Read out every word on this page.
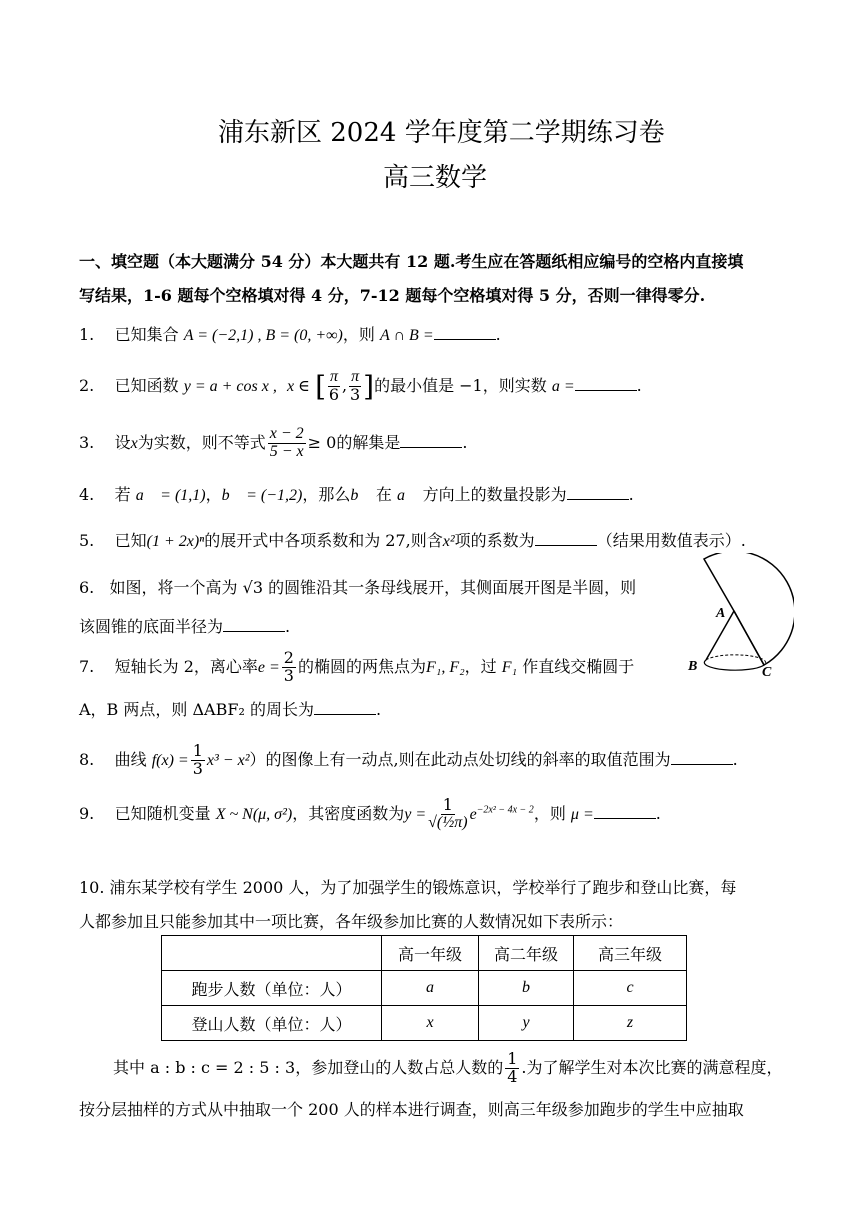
浦东新区 2024 学年度第二学期练习卷
高三数学
一、填空题（本大题满分 54 分）本大题共有 12 题.考生应在答题纸相应编号的空格内直接填
写结果，1-6 题每个空格填对得 4 分，7-12 题每个空格填对得 5 分，否则一律得零分.
1. 已知集合 A = (−2,1) , B = (0, +∞)，则 A ∩ B =	.
2. 已知函数 y = a + cos x , x ∈ [ $\frac{\pi}{6}$ , $\frac{\pi}{3}$ ]的最小值是 −1，则实数 a =	.
3. 设x为实数，则不等式 $\frac{x - 2}{5 - x} \ge 0$的解集是	.
4. 若 a⃗ = (1,1)，b⃗ = (−1,2)，那么b⃗ 在 a⃗ 方向上的数量投影为	.
5. 已知(1 + 2x)ⁿ的展开式中各项系数和为 27,则含x²项的系数为	（结果用数值表示）.
6. 如图，将一个高为 √3 的圆锥沿其一条母线展开，其侧面展开图是半圆，则
该圆锥的底面半径为	.
A
B	C
7. 短轴长为 2，离心率$e = \frac{2}{3}$ 的椭圆的两焦点为F₁, F₂，过 F₁ 作直线交椭圆于
A，B 两点，则 ΔABF₂ 的周长为	.
8. 曲线 $f(x) = \frac{1}{3} x^3 - x^2$）的图像上有一动点,则在此动点处切线的斜率的取值范围为	.
9. 已知随机变量 X ~ N(μ, σ²)，其密度函数为$y = \frac{1}{\text{√(½π)}} e^{-2x^2 - 4x - 2}$，则 μ =	.
10. 浦东某学校有学生 2000 人，为了加强学生的锻炼意识，学校举行了跑步和登山比赛，每
人都参加且只能参加其中一项比赛，各年级参加比赛的人数情况如下表所示：
	高一年级	高二年级	高三年级
跑步人数（单位：人）	a	b	c
登山人数（单位：人）	x	y	z
其中 a : b : c = 2 : 5 : 3，参加登山的人数占总人数的 $\frac{1}{4}$ .为了解学生对本次比赛的满意程度，
按分层抽样的方式从中抽取一个 200 人的样本进行调查，则高三年级参加跑步的学生中应抽取
